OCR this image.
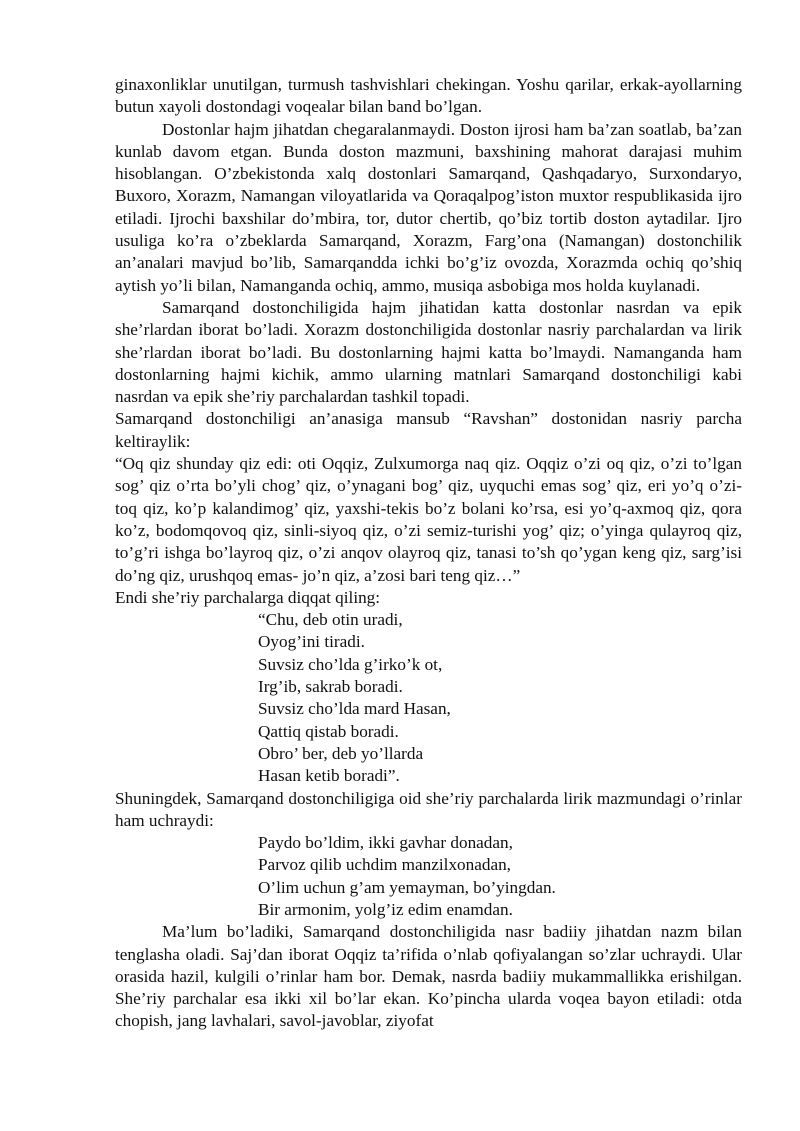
ginaxonliklar unutilgan, turmush tashvishlari chekingan. Yoshu qarilar, erkak-ayollarning butun xayoli dostondagi voqealar bilan band bo’lgan.

Dostonlar hajm jihatdan chegaralanmaydi. Doston ijrosi ham ba’zan soatlab, ba’zan kunlab davom etgan. Bunda doston mazmuni, baxshining mahorat darajasi muhim hisoblangan. O’zbekistonda xalq dostonlari Samarqand, Qashqadaryo, Surxondaryo, Buxoro, Xorazm, Namangan viloyatlarida va Qoraqalpog’iston muxtor respublikasida ijro etiladi. Ijrochi baxshilar do’mbira, tor, dutor chertib, qo’biz tortib doston aytadilar. Ijro usuliga ko’ra o’zbeklarda Samarqand, Xorazm, Farg’ona (Namangan) dostonchilik an’analari mavjud bo’lib, Samarqandda ichki bo’g’iz ovozda, Xorazmda ochiq qo’shiq aytish yo’li bilan, Namanganda ochiq, ammo, musiqa asbobiga mos holda kuylanadi.

Samarqand dostonchiligida hajm jihatidan katta dostonlar nasrdan va epik she’rlardan iborat bo’ladi. Xorazm dostonchiligida dostonlar nasriy parchalardan va lirik she’rlardan iborat bo’ladi. Bu dostonlarning hajmi katta bo’lmaydi. Namanganda ham dostonlarning hajmi kichik, ammo ularning matnlari Samarqand dostonchiligi kabi nasrdan va epik she’riy parchalardan tashkil topadi.

Samarqand dostonchiligi an’anasiga mansub “Ravshan” dostonidan nasriy parcha keltiraylik:

“Oq qiz shunday qiz edi: oti Oqqiz, Zulxumorga naq qiz. Oqqiz o’zi oq qiz, o’zi to’lgan sog’ qiz o’rta bo’yli chog’ qiz, o’ynagani bog’ qiz, uyquchi emas sog’ qiz, eri yo’q o’zi- toq qiz, ko’p kalandimog’ qiz, yaxshi-tekis bo’z bolani ko’rsa, esi yo’q-axmoq qiz, qora ko’z, bodomqovoq qiz, sinli-siyoq qiz, o’zi semiz-turishi yog’ qiz; o’yinga qulayroq qiz, to’g’ri ishga bo’layroq qiz, o’zi anqov olayroq qiz, tanasi to’sh qo’ygan keng qiz, sarg’isi do’ng qiz, urushqoq emas- jo’n qiz, a’zosi bari teng qiz…”

Endi she’riy parchalarga diqqat qiling:

“Chu, deb otin uradi,
Oyog’ini tiradi.
Suvsiz cho’lda g’irko’k ot,
Irg’ib, sakrab boradi.
Suvsiz cho’lda mard Hasan,
Qattiq qistab boradi.
Obro’ ber, deb yo’llarda
Hasan ketib boradi”.

Shuningdek, Samarqand dostonchiligiga oid she’riy parchalarda lirik mazmundagi o’rinlar ham uchraydi:

Paydo bo’ldim, ikki gavhar donadan,
Parvoz qilib uchdim manzilxonadan,
O’lim uchun g’am yemayman, bo’yingdan.
Bir armonim, yolg’iz edim enamdan.

Ma’lum bo’ladiki, Samarqand dostonchiligida nasr badiiy jihatdan nazm bilan tenglasha oladi. Saj’dan iborat Oqqiz ta’rifida o’nlab qofiyalangan so’zlar uchraydi. Ular orasida hazil, kulgili o’rinlar ham bor. Demak, nasrda badiiy mukammallikka erishilgan. She’riy parchalar esa ikki xil bo’lar ekan. Ko’pincha ularda voqea bayon etiladi: otda chopish, jang lavhalari, savol-javoblar, ziyofat
